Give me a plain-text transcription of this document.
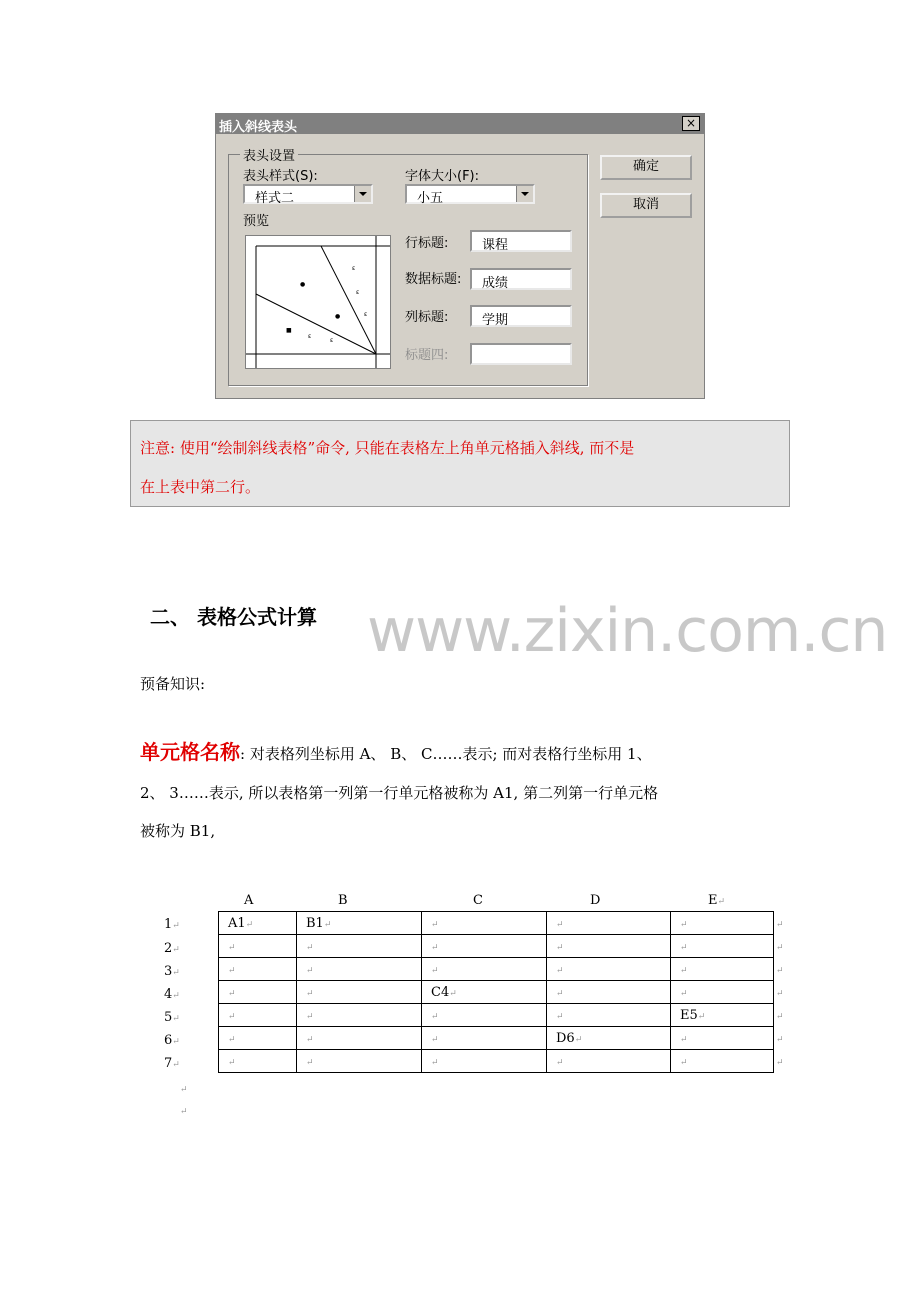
插入斜线表头	×
表头设置
表头样式(S):
样式二
字体大小(F):
小五
预览
●
ε
ε
ε
●
■
ε
ε
行标题:	课程
数据标题:	成绩
列标题:	学期
标题四:
确定
取消
注意: 使用“绘制斜线表格”命令, 只能在表格左上角单元格插入斜线, 而不是
在上表中第二行。
www.zixin.com.cn
二、 表格公式计算
预备知识:
单元格名称: 对表格列坐标用 A、 B、 C……表示; 而对表格行坐标用 1、
2、 3……表示, 所以表格第一列第一行单元格被称为 A1, 第二列第一行单元格
被称为 B1,
A	B	C	D	E↵
1↵
2↵
3↵
4↵
5↵
6↵
7↵
A1↵	B1↵	↵	↵	↵
↵	↵	↵	↵	↵
↵	↵	↵	↵	↵
↵	↵	C4↵	↵	↵
↵	↵	↵	↵	E5↵
↵	↵	↵	D6↵	↵
↵	↵	↵	↵	↵
↵
↵
↵
↵
↵
↵
↵
↵
↵
